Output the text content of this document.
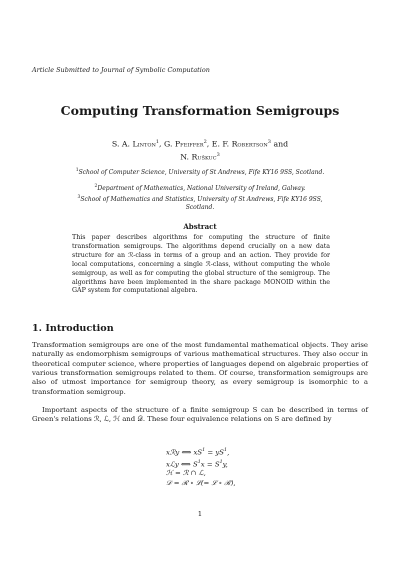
Article Submitted to Journal of Symbolic Computation
Computing Transformation Semigroups
S. A. Linton$^1$, G. Pfeiffer$^2$, E. F. Robertson$^3$ and
N. Ruškuc$^3$
$^1$School of Computer Science, University of St Andrews, Fife KY16 9SS, Scotland.
$^2$Department of Mathematics, National University of Ireland, Galway.
$^3$School of Mathematics and Statistics, University of St Andrews, Fife KY16 9SS, Scotland.
Abstract
This paper describes algorithms for computing the structure of finite transformation semigroups. The algorithms depend crucially on a new data structure for an ℛ-class in terms of a group and an action. They provide for local computations, concerning a single ℛ-class, without computing the whole semigroup, as well as for computing the global structure of the semigroup. The algorithms have been implemented in the share package MONOID within the GAP system for computational algebra.
1. Introduction
Transformation semigroups are one of the most fundamental mathematical objects. They arise naturally as endomorphism semigroups of various mathematical structures. They also occur in theoretical computer science, where properties of languages depend on algebraic properties of various transformation semigroups related to them. Of course, transformation semigroups are also of utmost importance for semigroup theory, as every semigroup is isomorphic to a transformation semigroup.
Important aspects of the structure of a finite semigroup S can be described in terms of Green's relations ℛ, ℒ, ℋ and 𝒟. These four equivalence relations on S are defined by
xℛy ⟺ $xS^1 = yS^1$,
xℒy ⟺ $S^1x = S^1y$,
ℋ = ℛ ∩ ℒ,
𝒟 = ℛ ∘ ℒ(= ℒ ∘ ℛ),
1
